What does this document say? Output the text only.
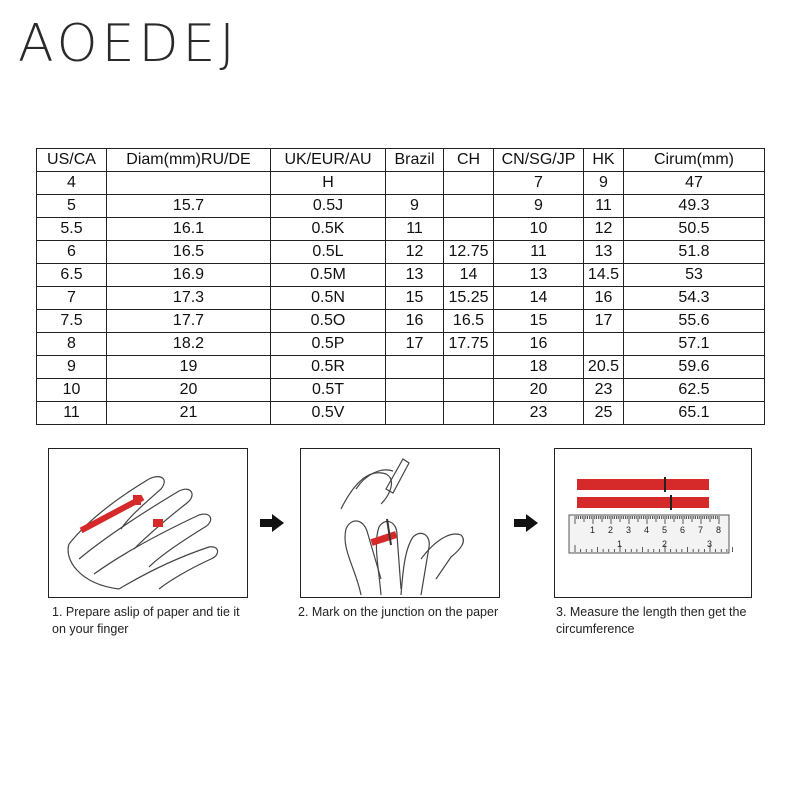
AOEDEJ
US/CA	Diam(mm)RU/DE	UK/EUR/AU	Brazil	CH	CN/SG/JP	HK	Cirum(mm)
4		H			7	9	47
5	15.7	0.5J	9		9	11	49.3
5.5	16.1	0.5K	11		10	12	50.5
6	16.5	0.5L	12	12.75	11	13	51.8
6.5	16.9	0.5M	13	14	13	14.5	53
7	17.3	0.5N	15	15.25	14	16	54.3
7.5	17.7	0.5O	16	16.5	15	17	55.6
8	18.2	0.5P	17	17.75	16		57.1
9	19	0.5R			18	20.5	59.6
10	20	0.5T			20	23	62.5
11	21	0.5V			23	25	65.1
1 2 3 4 5 6 7 8
1	2	3
1. Prepare aslip of paper and tie it
on your finger
2. Mark on the junction on the paper	3. Measure the length then get the
circumference
